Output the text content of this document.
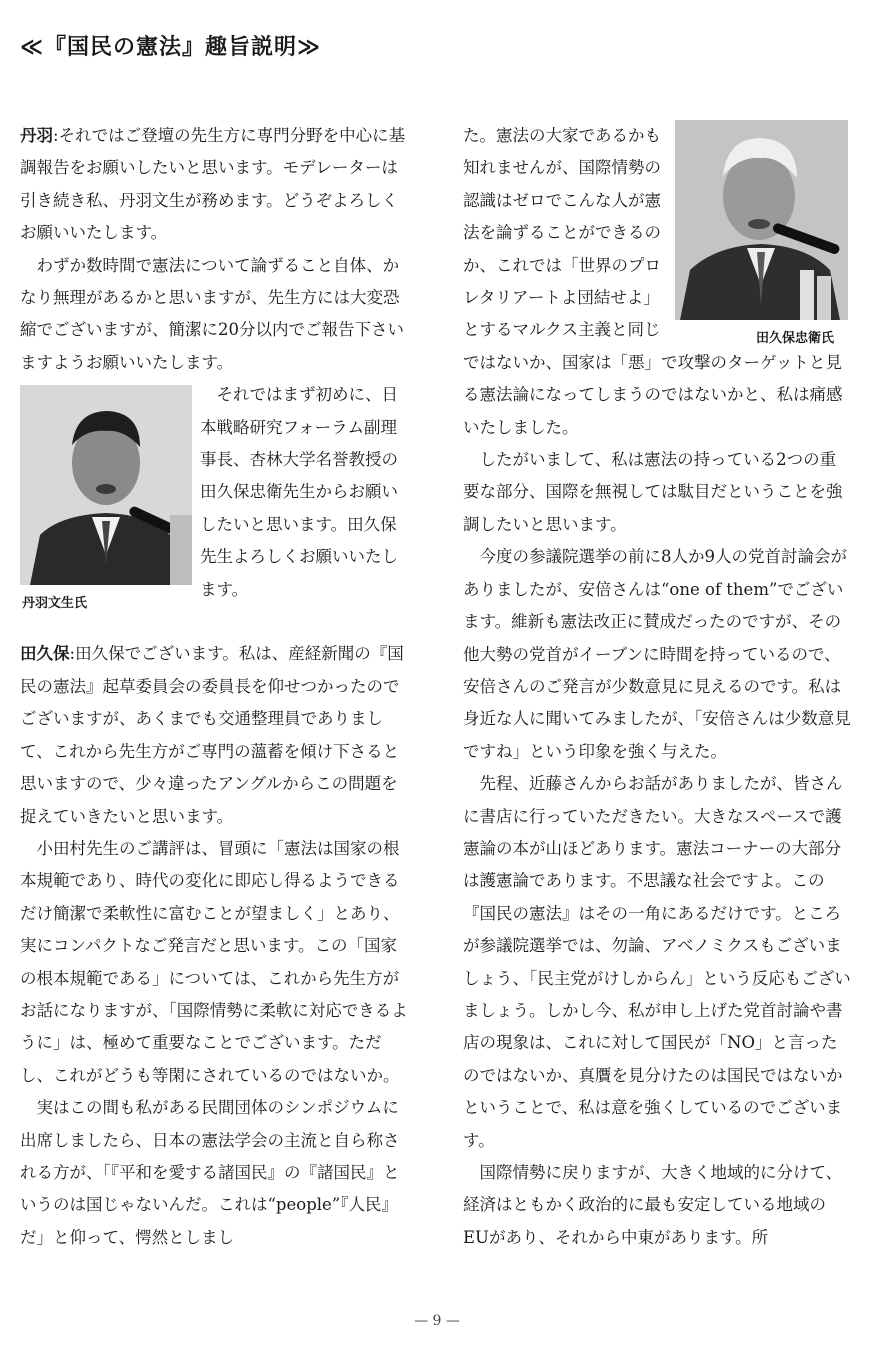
≪『国民の憲法』趣旨説明≫

丹羽:それではご登壇の先生方に専門分野を中心に基調報告をお願いしたいと思います。モデレーターは引き続き私、丹羽文生が務めます。どうぞよろしくお願いいたします。

わずか数時間で憲法について論ずること自体、かなり無理があるかと思いますが、先生方には大変恐縮でございますが、簡潔に20分以内でご報告下さいますようお願いいたします。

それではまず初めに、日本戦略研究フォーラム副理事長、杏林大学名誉教授の田久保忠衛先生からお願いしたいと思います。田久保先生よろしくお願いいたします。

田久保:田久保でございます。私は、産経新聞の『国民の憲法』起草委員会の委員長を仰せつかったのでございますが、あくまでも交通整理員でありまして、これから先生方がご専門の薀蓄を傾け下さると思いますので、少々違ったアングルからこの問題を捉えていきたいと思います。

小田村先生のご講評は、冒頭に「憲法は国家の根本規範であり、時代の変化に即応し得るようできるだけ簡潔で柔軟性に富むことが望ましく」とあり、実にコンパクトなご発言だと思います。この「国家の根本規範である」については、これから先生方がお話になりますが、「国際情勢に柔軟に対応できるように」は、極めて重要なことでございます。ただし、これがどうも等閑にされているのではないか。

実はこの間も私がある民間団体のシンポジウムに出席しましたら、日本の憲法学会の主流と自ら称される方が、「『平和を愛する諸国民』の『諸国民』というのは国じゃないんだ。これは“people”『人民』だ」と仰って、愕然としまし

た。憲法の大家であるかも知れませんが、国際情勢の認識はゼロでこんな人が憲法を論ずることができるのか、これでは「世界のプロレタリアートよ団結せよ」とするマルクス主義と同じではないか、国家は「悪」で攻撃のターゲットと見る憲法論になってしまうのではないかと、私は痛感いたしました。

したがいまして、私は憲法の持っている2つの重要な部分、国際を無視しては駄目だということを強調したいと思います。

今度の参議院選挙の前に8人か9人の党首討論会がありましたが、安倍さんは“one of them”でございます。維新も憲法改正に賛成だったのですが、その他大勢の党首がイーブンに時間を持っているので、安倍さんのご発言が少数意見に見えるのです。私は身近な人に聞いてみましたが、「安倍さんは少数意見ですね」という印象を強く与えた。

先程、近藤さんからお話がありましたが、皆さんに書店に行っていただきたい。大きなスペースで護憲論の本が山ほどあります。憲法コーナーの大部分は護憲論であります。不思議な社会ですよ。この『国民の憲法』はその一角にあるだけです。ところが参議院選挙では、勿論、アベノミクスもございましょう、「民主党がけしからん」という反応もございましょう。しかし今、私が申し上げた党首討論や書店の現象は、これに対して国民が「NO」と言ったのではないか、真贋を見分けたのは国民ではないかということで、私は意を強くしているのでございます。

国際情勢に戻りますが、大きく地域的に分けて、経済はともかく政治的に最も安定している地域のEUがあり、それから中東があります。所

丹羽文生氏
田久保忠衛氏
— 9 —
